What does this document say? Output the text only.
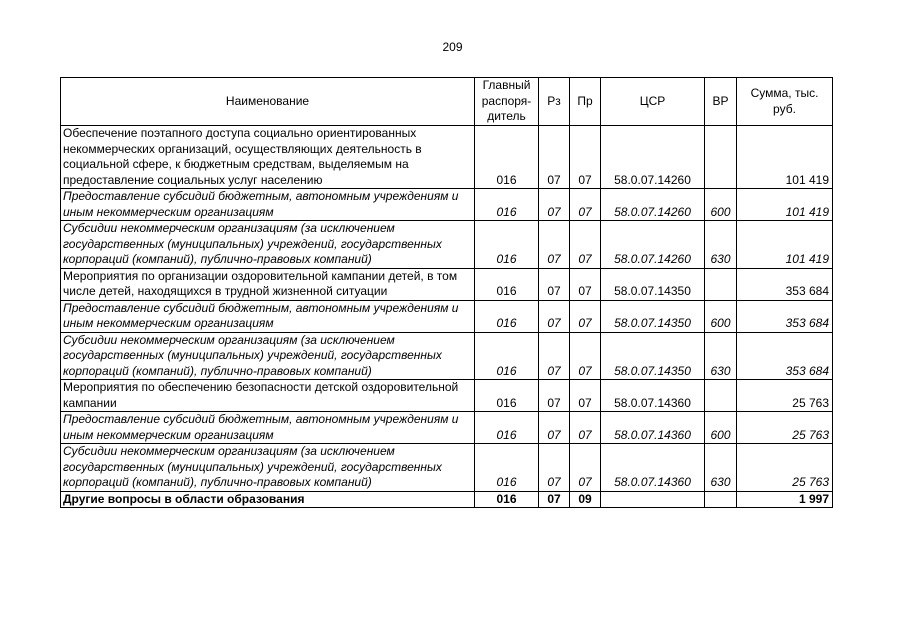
209
Наименование	Главный распоря-дитель	Рз	Пр	ЦСР	ВР	Сумма, тыс. руб.
Обеспечение поэтапного доступа социально ориентированных некоммерческих организаций, осуществляющих деятельность в социальной сфере, к бюджетным средствам, выделяемым на предоставление социальных услуг населению	016	07	07	58.0.07.14260		101 419
Предоставление субсидий бюджетным, автономным учреждениям и иным некоммерческим организациям	016	07	07	58.0.07.14260	600	101 419
Субсидии некоммерческим организациям (за исключением государственных (муниципальных) учреждений, государственных корпораций (компаний), публично-правовых компаний)	016	07	07	58.0.07.14260	630	101 419
Мероприятия по организации оздоровительной кампании детей, в том числе детей, находящихся в трудной жизненной ситуации	016	07	07	58.0.07.14350		353 684
Предоставление субсидий бюджетным, автономным учреждениям и иным некоммерческим организациям	016	07	07	58.0.07.14350	600	353 684
Субсидии некоммерческим организациям (за исключением государственных (муниципальных) учреждений, государственных корпораций (компаний), публично-правовых компаний)	016	07	07	58.0.07.14350	630	353 684
Мероприятия по обеспечению безопасности детской оздоровительной кампании	016	07	07	58.0.07.14360		25 763
Предоставление субсидий бюджетным, автономным учреждениям и иным некоммерческим организациям	016	07	07	58.0.07.14360	600	25 763
Субсидии некоммерческим организациям (за исключением государственных (муниципальных) учреждений, государственных корпораций (компаний), публично-правовых компаний)	016	07	07	58.0.07.14360	630	25 763
Другие вопросы в области образования	016	07	09			1 997
